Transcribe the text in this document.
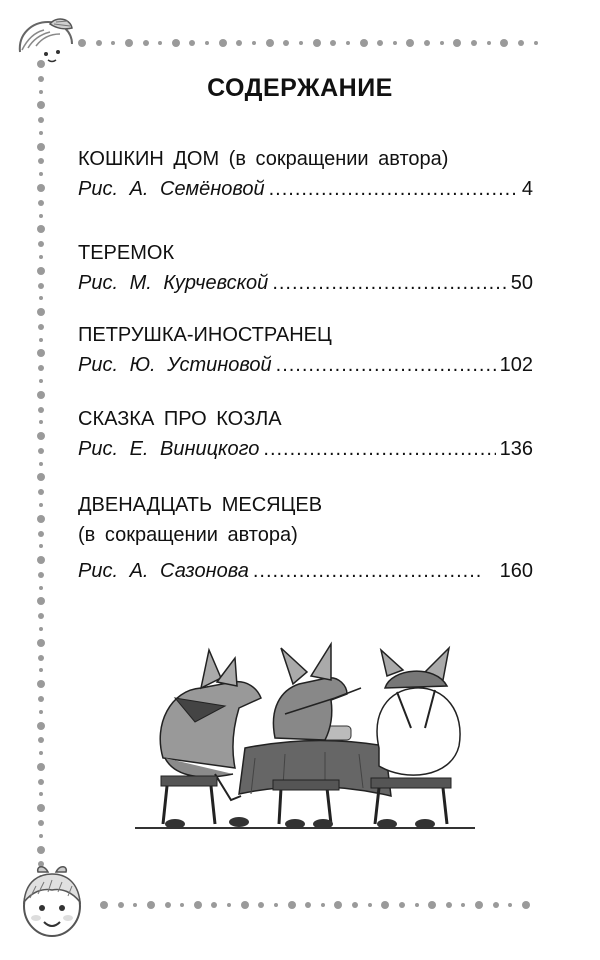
СОДЕРЖАНИЕ
КОШКИН ДОМ (в сокращении автора)
Рис. А. Семёновой .....	4
ТЕРЕМОК
Рис. М. Курчевской .....	50
ПЕТРУШКА-ИНОСТРАНЕЦ
Рис. Ю. Устиновой .....	102
СКАЗКА ПРО КОЗЛА
Рис. Е. Виницкого .....	136
ДВЕНАДЦАТЬ МЕСЯЦЕВ
(в сокращении автора)
Рис. А. Сазонова .....	160
